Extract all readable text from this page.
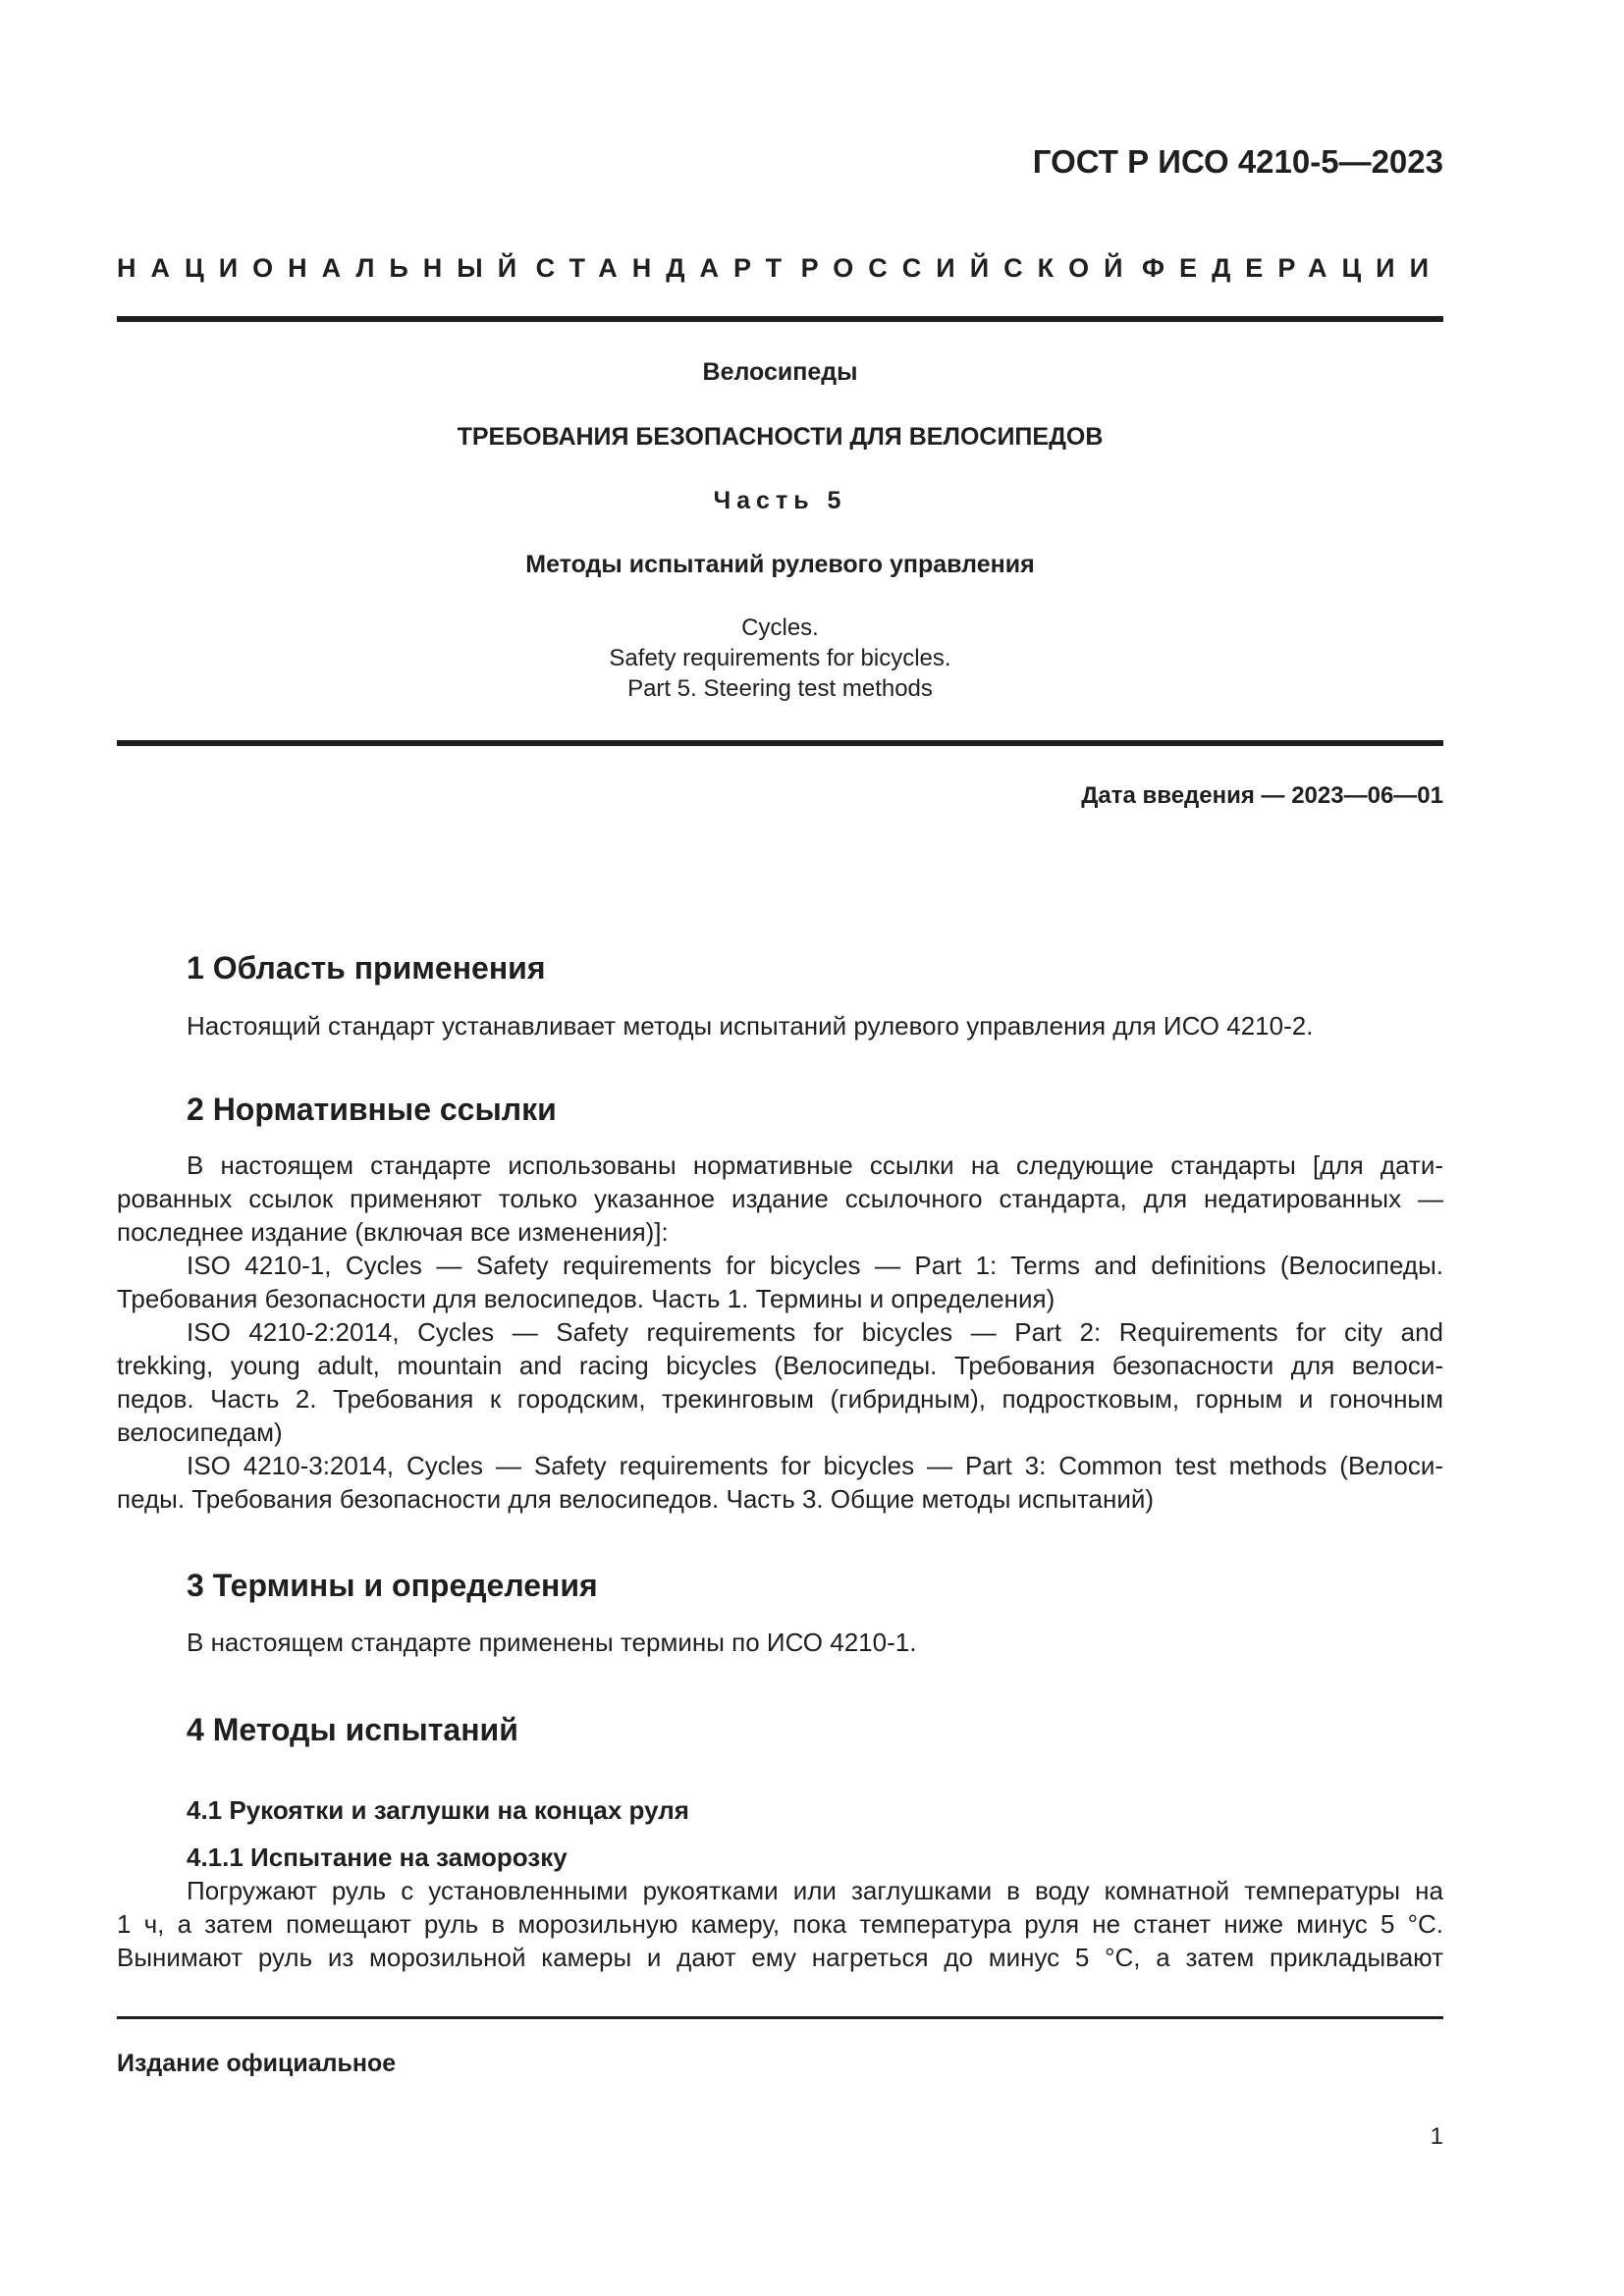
ГОСТ Р ИСО 4210-5—2023
НАЦИОНАЛЬНЫЙ СТАНДАРТ РОССИЙСКОЙ ФЕДЕРАЦИИ
Велосипеды
ТРЕБОВАНИЯ БЕЗОПАСНОСТИ ДЛЯ ВЕЛОСИПЕДОВ
Часть 5
Методы испытаний рулевого управления
Cycles.
Safety requirements for bicycles.
Part 5. Steering test methods
Дата введения — 2023—06—01
1 Область применения
Настоящий стандарт устанавливает методы испытаний рулевого управления для ИСО 4210-2.
2 Нормативные ссылки
В настоящем стандарте использованы нормативные ссылки на следующие стандарты [для дати-
рованных ссылок применяют только указанное издание ссылочного стандарта, для недатированных —
последнее издание (включая все изменения)]:
ISO 4210-1, Cycles — Safety requirements for bicycles — Part 1: Terms and definitions (Велосипеды.
Требования безопасности для велосипедов. Часть 1. Термины и определения)
ISO 4210-2:2014, Cycles — Safety requirements for bicycles — Part 2: Requirements for city and
trekking, young adult, mountain and racing bicycles (Велосипеды. Требования безопасности для велоси-
педов. Часть 2. Требования к городским, трекинговым (гибридным), подростковым, горным и гоночным
велосипедам)
ISO 4210-3:2014, Cycles — Safety requirements for bicycles — Part 3: Common test methods (Велоси-
педы. Требования безопасности для велосипедов. Часть 3. Общие методы испытаний)
3 Термины и определения
В настоящем стандарте применены термины по ИСО 4210-1.
4 Методы испытаний
4.1 Рукоятки и заглушки на концах руля
4.1.1 Испытание на заморозку
Погружают руль с установленными рукоятками или заглушками в воду комнатной температуры на
1 ч, а затем помещают руль в морозильную камеру, пока температура руля не станет ниже минус 5 °С.
Вынимают руль из морозильной камеры и дают ему нагреться до минус 5 °С, а затем прикладывают
Издание официальное
1
